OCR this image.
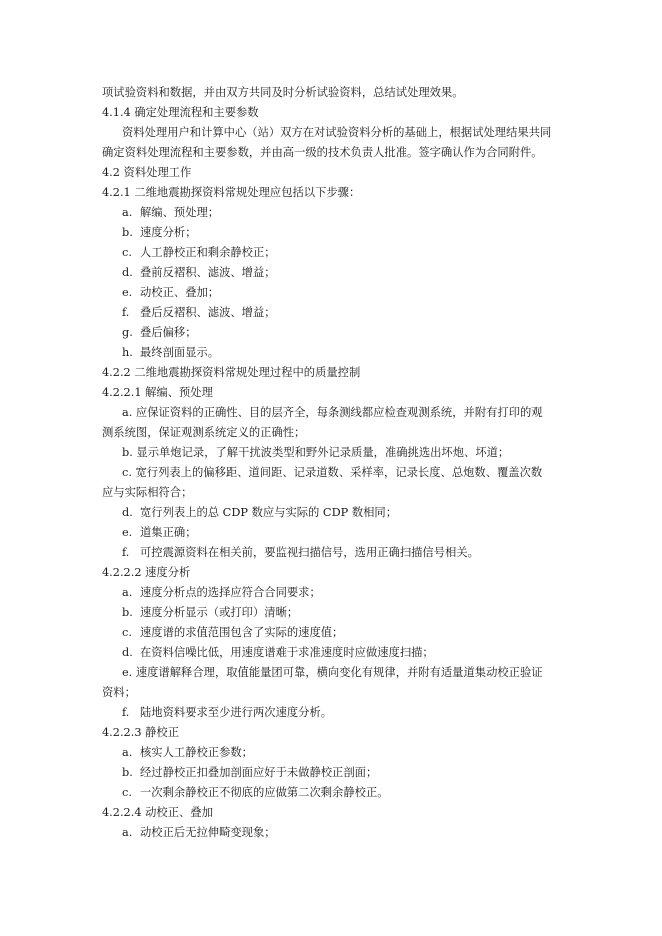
项试验资料和数据，并由双方共同及时分析试验资料，总结试处理效果。
4.1.4 确定处理流程和主要参数
资料处理用户和计算中心（站）双方在对试验资料分析的基础上，根据试处理结果共同
确定资料处理流程和主要参数，并由高一级的技术负责人批准。签字确认作为合同附件。
4.2 资料处理工作
4.2.1 二维地震勘探资料常规处理应包括以下步骤：
a. 解编、预处理；
b. 速度分析；
c. 人工静校正和剩余静校正；
d. 叠前反褶积、滤波、增益；
e. 动校正、叠加；
f. 叠后反褶积、滤波、增益；
g. 叠后偏移；
h. 最终剖面显示。
4.2.2 二维地震勘探资料常规处理过程中的质量控制
4.2.2.1 解编、预处理
a. 应保证资料的正确性、目的层齐全，每条测线都应检查观测系统，并附有打印的观
测系统图，保证观测系统定义的正确性；
b. 显示单炮记录，了解干扰波类型和野外记录质量，准确挑选出坏炮、坏道；
c. 宽行列表上的偏移距、道间距、记录道数、采样率，记录长度、总炮数、覆盖次数
应与实际相符合；
d. 宽行列表上的总 CDP 数应与实际的 CDP 数相同；
e. 道集正确；
f. 可控震源资料在相关前，要监视扫描信号，选用正确扫描信号相关。
4.2.2.2 速度分析
a. 速度分析点的选择应符合合同要求；
b. 速度分析显示（或打印）清晰；
c. 速度谱的求值范围包含了实际的速度值；
d. 在资料信噪比低，用速度谱难于求准速度时应做速度扫描；
e. 速度谱解释合理，取值能量团可靠，横向变化有规律，并附有适量道集动校正验证
资料；
f. 陆地资料要求至少进行两次速度分析。
4.2.2.3 静校正
a. 核实人工静校正参数；
b. 经过静校正扣叠加剖面应好于未做静校正剖面；
c. 一次剩余静校正不彻底的应做第二次剩余静校正。
4.2.2.4 动校正、叠加
a. 动校正后无拉伸畸变现象；
